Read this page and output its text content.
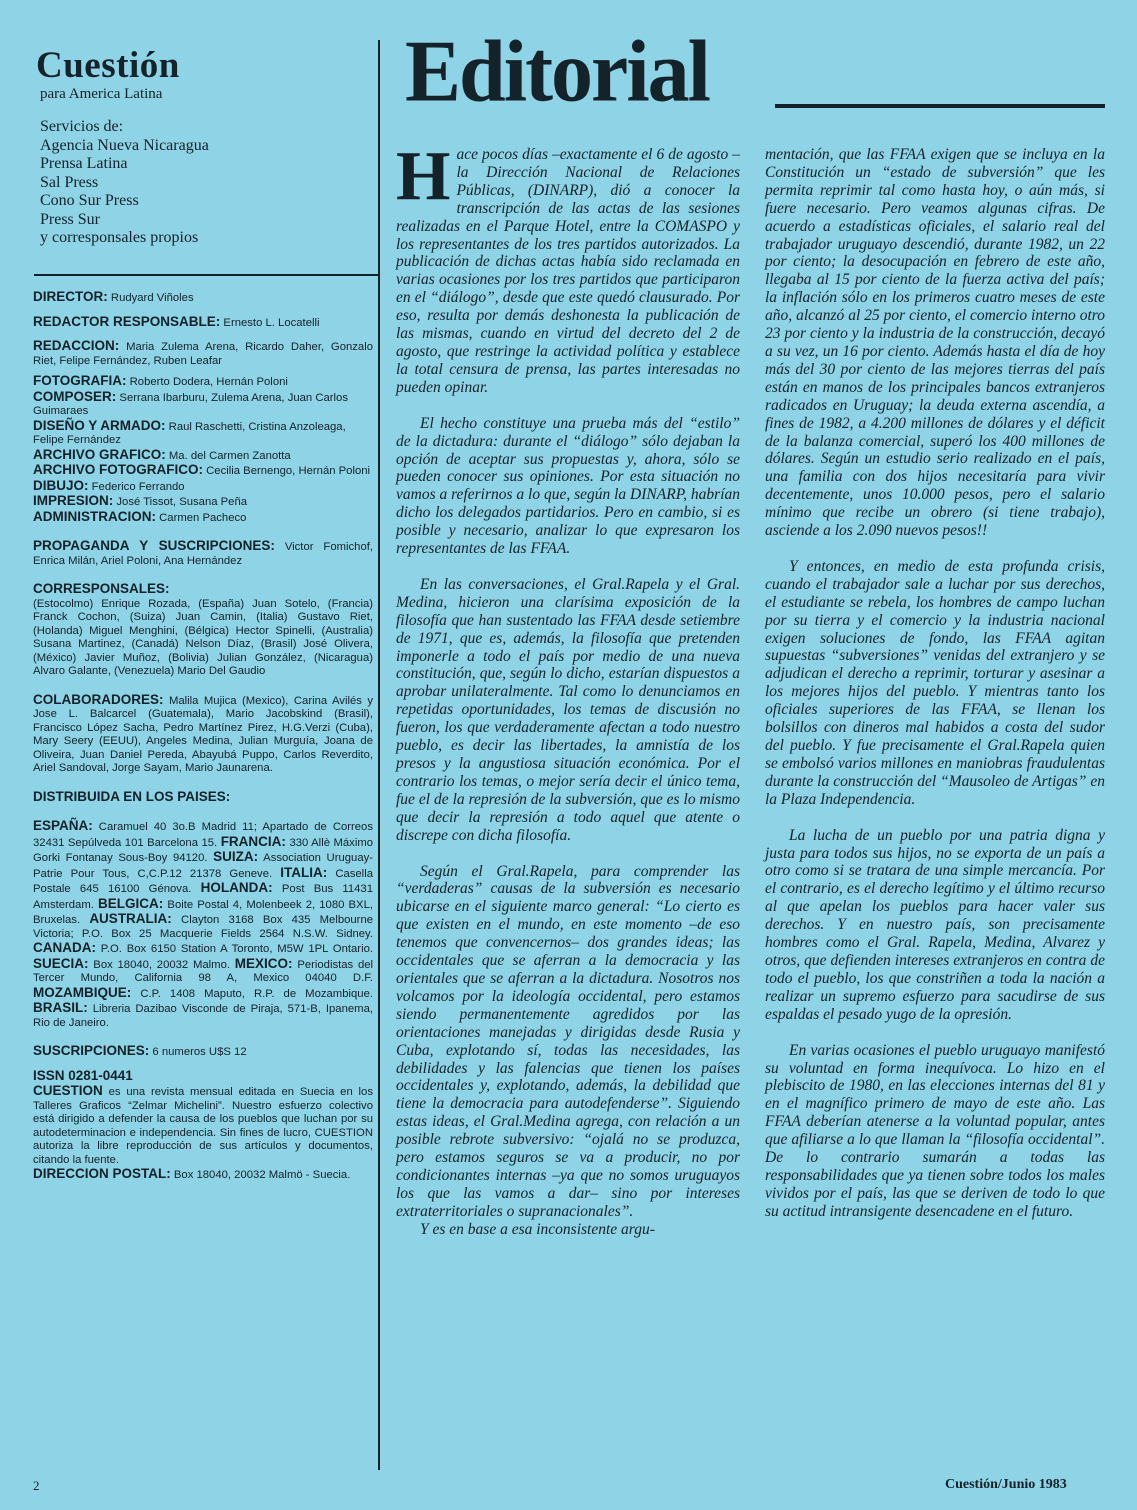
Cuestión
para America Latina
Servicios de:
Agencia Nueva Nicaragua
Prensa Latina
Sal Press
Cono Sur Press
Press Sur
y corresponsales propios

DIRECTOR: Rudyard Viñoles

REDACTOR RESPONSABLE: Ernesto L. Locatelli

REDACCION: Maria Zulema Arena, Ricardo Daher, Gonzalo Riet, Felipe Fernández, Ruben Leafar

FOTOGRAFIA: Roberto Dodera, Hernán Poloni

COMPOSER: Serrana Ibarburu, Zulema Arena, Juan Carlos Guimaraes

DISEÑO Y ARMADO: Raul Raschetti, Cristina Anzoleaga, Felipe Fernández

ARCHIVO GRAFICO: Ma. del Carmen Zanotta

ARCHIVO FOTOGRAFICO: Cecilia Bernengo, Hernán Poloni

DIBUJO: Federico Ferrando

IMPRESION: José Tissot, Susana Peña

ADMINISTRACION: Carmen Pacheco

PROPAGANDA Y SUSCRIPCIONES: Victor Fomichof, Enrica Milán, Ariel Poloni, Ana Hernández

CORRESPONSALES:

(Estocolmo) Enrique Rozada, (España) Juan Sotelo, (Francia) Franck Cochon, (Suiza) Juan Camin, (Italia) Gustavo Riet, (Holanda) Miguel Menghini, (Bélgica) Hector Spinelli, (Australia) Susana Martinez, (Canadá) Nelson Díaz, (Brasil) José Olivera, (México) Javier Muñoz, (Bolivia) Julian González, (Nicaragua) Alvaro Galante, (Venezuela) Mario Del Gaudio

COLABORADORES: Malila Mujica (Mexico), Carina Avilés y Jose L. Balcarcel (Guatemala), Mario Jacobskind (Brasil), Francisco López Sacha, Pedro Martínez Pirez, H.G.Verzi (Cuba), Mary Seery (EEUU), Angeles Medina, Julian Murguía, Joana de Oliveira, Juan Daniel Pereda, Abayubá Puppo, Carlos Reverdito, Ariel Sandoval, Jorge Sayam, Mario Jaunarena.

DISTRIBUIDA EN LOS PAISES:

ESPAÑA: Caramuel 40 3o.B Madrid 11; Apartado de Correos 32431 Sepúlveda 101 Barcelona 15. FRANCIA: 330 Allè Máximo Gorki Fontanay Sous-Boy 94120. SUIZA: Association Uruguay-Patrie Pour Tous, C,C.P.12 21378 Geneve. ITALIA: Casella Postale 645 16100 Génova. HOLANDA: Post Bus 11431 Amsterdam. BELGICA: Boite Postal 4, Molenbeek 2, 1080 BXL, Bruxelas. AUSTRALIA: Clayton 3168 Box 435 Melbourne Victoria; P.O. Box 25 Macquerie Fields 2564 N.S.W. Sidney. CANADA: P.O. Box 6150 Station A Toronto, M5W 1PL Ontario. SUECIA: Box 18040, 20032 Malmo. MEXICO: Periodistas del Tercer Mundo, California 98 A, Mexico 04040 D.F. MOZAMBIQUE: C.P. 1408 Maputo, R.P. de Mozambique. BRASIL: Libreria Dazibao Visconde de Piraja, 571-B, Ipanema, Rio de Janeiro.

SUSCRIPCIONES: 6 numeros U$S 12

ISSN 0281-0441

CUESTION es una revista mensual editada en Suecia en los Talleres Graficos “Zelmar Michelini”. Nuestro esfuerzo colectivo está dirigido a defender la causa de los pueblos que luchan por su autodeterminacion e independencia. Sin fines de lucro, CUESTION autoriza la libre reproducción de sus artículos y documentos, citando la fuente.

DIRECCION POSTAL: Box 18040, 20032 Malmö - Suecia.

Editorial

Hace pocos días –exactamente el 6 de agosto –la Dirección Nacional de Relaciones Públicas, (DINARP), dió a conocer la transcripción de las actas de las sesiones realizadas en el Parque Hotel, entre la COMASPO y los representantes de los tres partidos autorizados. La publicación de dichas actas había sido reclamada en varias ocasiones por los tres partidos que participaron en el “diálogo”, desde que este quedó clausurado. Por eso, resulta por demás deshonesta la publicación de las mismas, cuando en virtud del decreto del 2 de agosto, que restringe la actividad política y establece la total censura de prensa, las partes interesadas no pueden opinar.

El hecho constituye una prueba más del “estilo” de la dictadura: durante el “diálogo” sólo dejaban la opción de aceptar sus propuestas y, ahora, sólo se pueden conocer sus opiniones. Por esta situación no vamos a referirnos a lo que, según la DINARP, habrían dicho los delegados partidarios. Pero en cambio, si es posible y necesario, analizar lo que expresaron los representantes de las FFAA.

En las conversaciones, el Gral.Rapela y el Gral. Medina, hicieron una clarísima exposición de la filosofía que han sustentado las FFAA desde setiembre de 1971, que es, además, la filosofía que pretenden imponerle a todo el país por medio de una nueva constitución, que, según lo dicho, estarían dispuestos a aprobar unilateralmente. Tal como lo denunciamos en repetidas oportunidades, los temas de discusión no fueron, los que verdaderamente afectan a todo nuestro pueblo, es decir las libertades, la amnistía de los presos y la angustiosa situación económica. Por el contrario los temas, o mejor sería decir el único tema, fue el de la represión de la subversión, que es lo mismo que decir la represión a todo aquel que atente o discrepe con dicha filosofía.

Según el Gral.Rapela, para comprender las “verdaderas” causas de la subversión es necesario ubicarse en el siguiente marco general: “Lo cierto es que existen en el mundo, en este momento –de eso tenemos que convencernos– dos grandes ideas; las occidentales que se aferran a la democracia y las orientales que se aferran a la dictadura. Nosotros nos volcamos por la ideología occidental, pero estamos siendo permanentemente agredidos por las orientaciones manejadas y dirigidas desde Rusia y Cuba, explotando sí, todas las necesidades, las debilidades y las falencias que tienen los países occidentales y, explotando, además, la debilidad que tiene la democracia para autodefenderse”. Siguiendo estas ideas, el Gral.Medina agrega, con relación a un posible rebrote subversivo: “ojalá no se produzca, pero estamos seguros se va a producir, no por condicionantes internas –ya que no somos uruguayos los que las vamos a dar– sino por intereses extraterritoriales o supranacionales”.

Y es en base a esa inconsistente argu-

mentación, que las FFAA exigen que se incluya en la Constitución un “estado de subversión” que les permita reprimir tal como hasta hoy, o aún más, si fuere necesario. Pero veamos algunas cifras. De acuerdo a estadísticas oficiales, el salario real del trabajador uruguayo descendió, durante 1982, un 22 por ciento; la desocupación en febrero de este año, llegaba al 15 por ciento de la fuerza activa del país; la inflación sólo en los primeros cuatro meses de este año, alcanzó al 25 por ciento, el comercio interno otro 23 por ciento y la industria de la construcción, decayó a su vez, un 16 por ciento. Además hasta el día de hoy más del 30 por ciento de las mejores tierras del país están en manos de los principales bancos extranjeros radicados en Uruguay; la deuda externa ascendía, a fines de 1982, a 4.200 millones de dólares y el déficit de la balanza comercial, superó los 400 millones de dólares. Según un estudio serio realizado en el país, una familia con dos hijos necesitaría para vivir decentemente, unos 10.000 pesos, pero el salario mínimo que recibe un obrero (si tiene trabajo), asciende a los 2.090 nuevos pesos!!

Y entonces, en medio de esta profunda crisis, cuando el trabajador sale a luchar por sus derechos, el estudiante se rebela, los hombres de campo luchan por su tierra y el comercio y la industria nacional exigen soluciones de fondo, las FFAA agitan supuestas “subversiones” venidas del extranjero y se adjudican el derecho a reprimir, torturar y asesinar a los mejores hijos del pueblo. Y mientras tanto los oficiales superiores de las FFAA, se llenan los bolsillos con dineros mal habidos a costa del sudor del pueblo. Y fue precisamente el Gral.Rapela quien se embolsó varios millones en maniobras fraudulentas durante la construcción del “Mausoleo de Artigas” en la Plaza Independencia.

La lucha de un pueblo por una patria digna y justa para todos sus hijos, no se exporta de un país a otro como si se tratara de una simple mercancía. Por el contrario, es el derecho legítimo y el último recurso al que apelan los pueblos para hacer valer sus derechos. Y en nuestro país, son precisamente hombres como el Gral. Rapela, Medina, Alvarez y otros, que defienden intereses extranjeros en contra de todo el pueblo, los que constriñen a toda la nación a realizar un supremo esfuerzo para sacudirse de sus espaldas el pesado yugo de la opresión.

En varias ocasiones el pueblo uruguayo manifestó su voluntad en forma inequívoca. Lo hizo en el plebiscito de 1980, en las elecciones internas del 81 y en el magnífico primero de mayo de este año. Las FFAA deberían atenerse a la voluntad popular, antes que afiliarse a lo que llaman la “filosofía occidental”. De lo contrario sumarán a todas las responsabilidades que ya tienen sobre todos los males vividos por el país, las que se deriven de todo lo que su actitud intransigente desencadene en el futuro.

2	Cuestión/Junio 1983
